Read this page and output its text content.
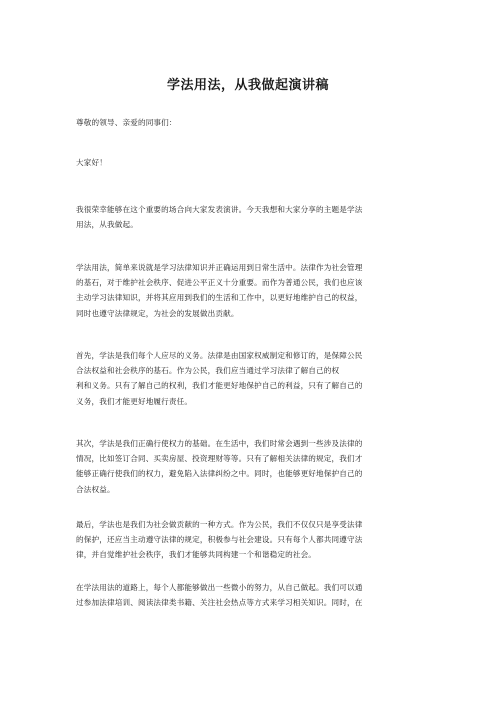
学法用法，从我做起演讲稿

尊敬的领导、亲爱的同事们：

大家好！

我很荣幸能够在这个重要的场合向大家发表演讲。今天我想和大家分享的主题是学法
用法，从我做起。

学法用法，简单来说就是学习法律知识并正确运用到日常生活中。法律作为社会管理
的基石，对于维护社会秩序、促进公平正义十分重要。而作为普通公民，我们也应该
主动学习法律知识，并将其应用到我们的生活和工作中，以更好地维护自己的权益，
同时也遵守法律规定，为社会的发展做出贡献。

首先，学法是我们每个人应尽的义务。法律是由国家权威制定和修订的，是保障公民
合法权益和社会秩序的基石。作为公民，我们应当通过学习法律了解自己的权
利和义务。只有了解自己的权利，我们才能更好地保护自己的利益，只有了解自己的
义务，我们才能更好地履行责任。

其次，学法是我们正确行使权力的基础。在生活中，我们时常会遇到一些涉及法律的
情况，比如签订合同、买卖房屋、投资理财等等。只有了解相关法律的规定，我们才
能够正确行使我们的权力，避免陷入法律纠纷之中。同时，也能够更好地保护自己的
合法权益。

最后，学法也是我们为社会做贡献的一种方式。作为公民，我们不仅仅只是享受法律
的保护，还应当主动遵守法律的规定，积极参与社会建设。只有每个人都共同遵守法
律，并自觉维护社会秩序，我们才能够共同构建一个和谐稳定的社会。

在学法用法的道路上，每个人都能够做出一些微小的努力，从自己做起。我们可以通
过参加法律培训、阅读法律类书籍、关注社会热点等方式来学习相关知识。同时，在
